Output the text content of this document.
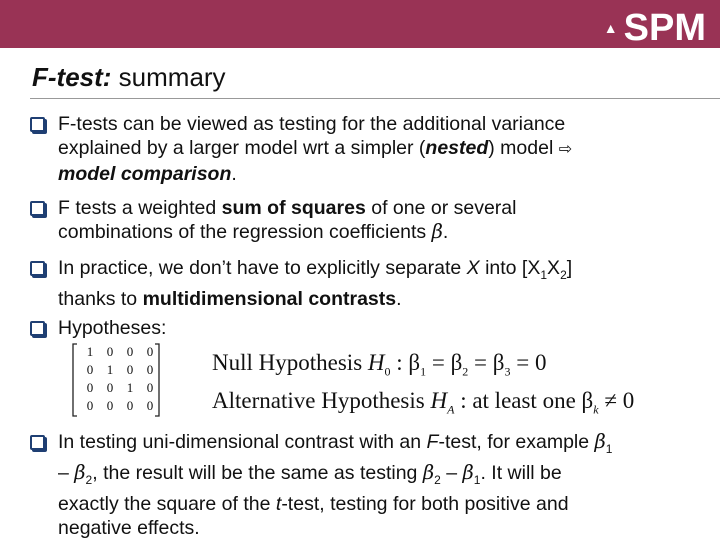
▲ SPM
F-test: summary
F-tests can be viewed as testing for the additional variance
explained by a larger model wrt a simpler (nested) model ⇨
model comparison.
F tests a weighted sum of squares of one or several
combinations of the regression coefficients β.
In practice, we don’t have to explicitly separate X into $[X_1X_2]$
thanks to multidimensional contrasts.
Hypotheses:
1	0	0	0
0	1	0	0
0	0	1	0
0	0	0	0
Null Hypothesis $H_0$ : $\beta_1 = \beta_2 = \beta_3 = 0$
Alternative Hypothesis $H_A$ : at least one $\beta_k \ne 0$
In testing uni-dimensional contrast with an F-test, for example $\beta_1$
– $\beta_2$, the result will be the same as testing $\beta_2 - \beta_1$. It will be
exactly the square of the t-test, testing for both positive and
negative effects.
